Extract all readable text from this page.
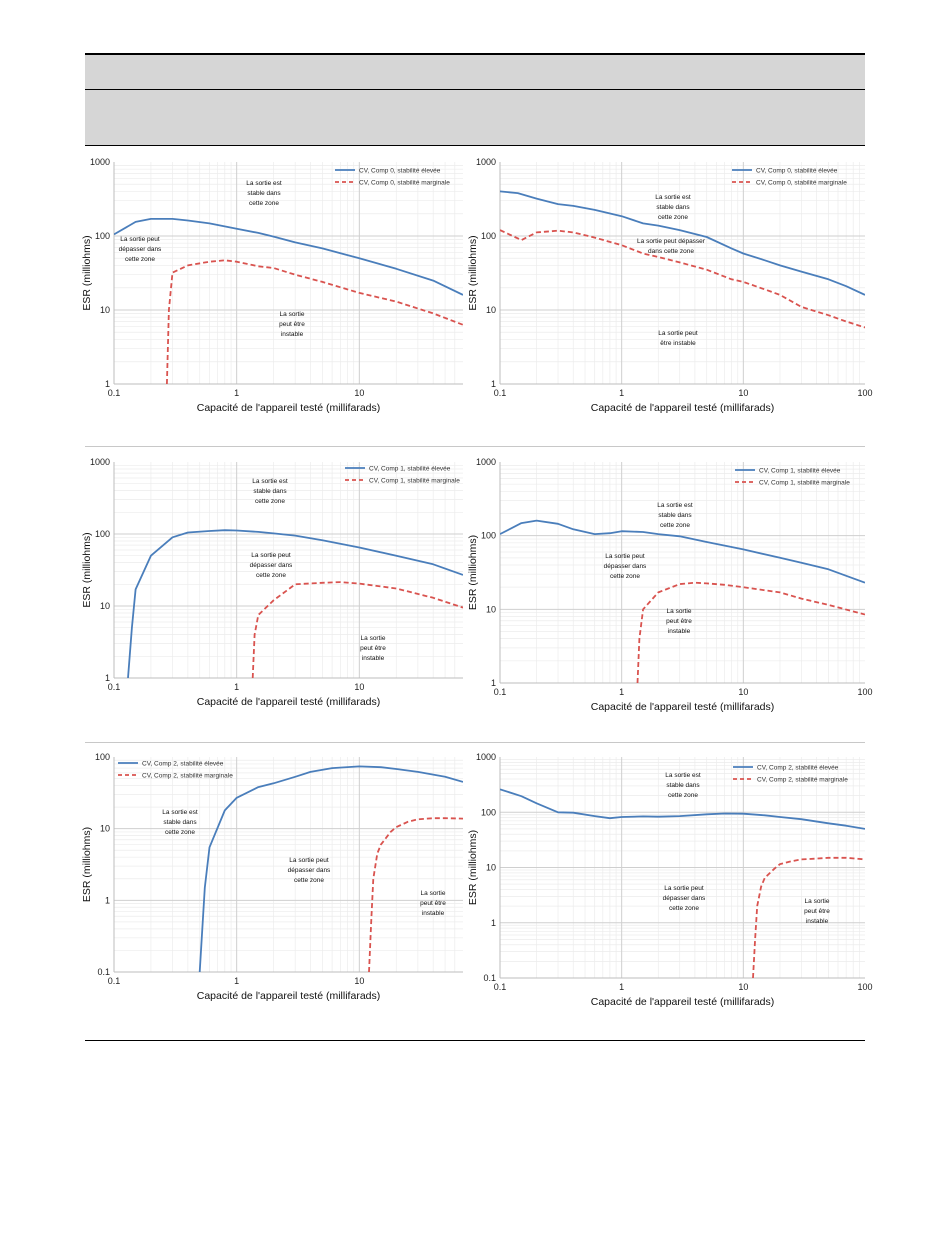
0.1	1	10
1
10
100
1000
Capacité de l'appareil testé (millifarads)
ESR (milliohms)
CV, Comp 0, stabilité élevée
CV, Comp 0, stabilité marginale
La sortie est stable dans cette zone
La sortie peut dépasser dans cette zone
La sortie peut être instable
0.1	1	10	100
1
10
100
1000
Capacité de l'appareil testé (millifarads)
ESR (milliohms)
CV, Comp 0, stabilité élevée
CV, Comp 0, stabilité marginale
La sortie est stable dans cette zone
La sortie peut dépasser dans cette zone
La sortie peut être instable
0.1	1	10
1
10
100
1000
Capacité de l'appareil testé (millifarads)
ESR (milliohms)
CV, Comp 1, stabilité élevée
CV, Comp 1, stabilité marginale
La sortie est stable dans cette zone
La sortie peut dépasser dans cette zone
La sortie peut être instable
0.1	1	10	100
1
10
100
1000
Capacité de l'appareil testé (millifarads)
ESR (milliohms)
CV, Comp 1, stabilité élevée
CV, Comp 1, stabilité marginale
La sortie est stable dans cette zone
La sortie peut dépasser dans cette zone
La sortie peut être instable
0.1	1	10
0.1
1
10
100
Capacité de l'appareil testé (millifarads)
ESR (milliohms)
CV, Comp 2, stabilité élevée
CV, Comp 2, stabilité marginale
La sortie est stable dans cette zone
La sortie peut dépasser dans cette zone
La sortie peut être instable
0.1	1	10	100
0.1
1
10
100
1000
Capacité de l'appareil testé (millifarads)
ESR (milliohms)
CV, Comp 2, stabilité élevée
CV, Comp 2, stabilité marginale
La sortie est stable dans cette zone
La sortie peut dépasser dans cette zone
La sortie peut être instable
